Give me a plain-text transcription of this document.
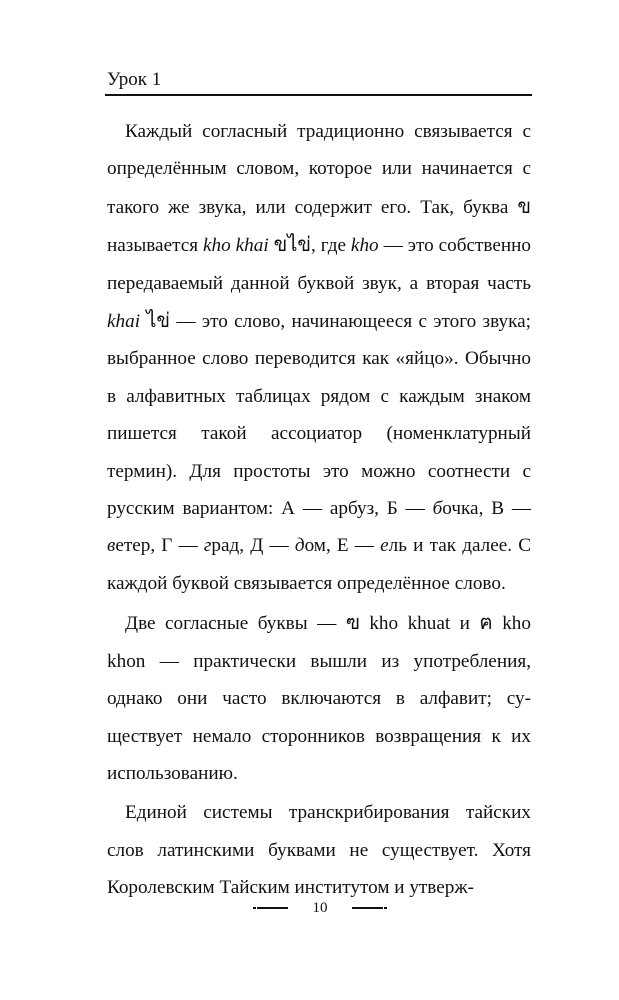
Урок 1

Каждый согласный традиционно связывается с определённым словом, которое или начинается с такого же звука, или содержит его. Так, буква ข называется kho khai ขไข่, где kho — это собственно передаваемый данной буквой звук, а вторая часть khai ไข่ — это слово, начинающееся с этого звука; выбранное слово переводится как «яйцо». Обычно в алфавитных таблицах рядом с каждым знаком пишется такой ассоциатор (номенклатурный термин). Для простоты это можно соотнести с русским вариантом: А — арбуз, Б — бочка, В — ветер, Г — град, Д — дом, Е — ель и так далее. С каждой буквой связывается определённое слово.

Две согласные буквы — ฃ kho khuat и ฅ kho khon — практически вышли из употребления, однако они часто включаются в алфавит; существует немало сторонников возвращения к их использованию.

Единой системы транскрибирования тайских слов латинскими буквами не существует. Хотя Королевским Тайским институтом и утверж-

10
